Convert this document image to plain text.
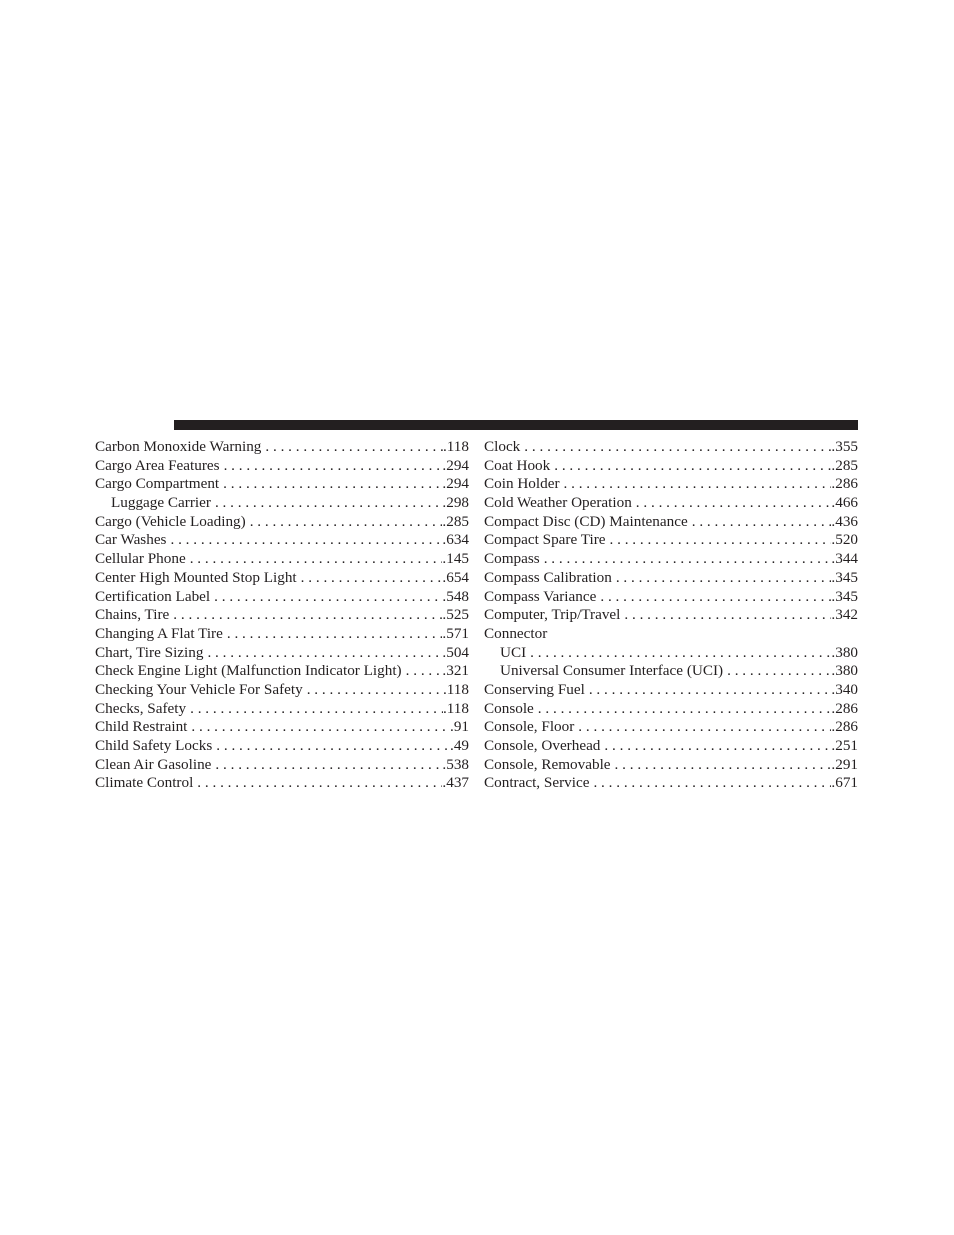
Carbon Monoxide Warning . . .	.118
Cargo Area Features . . .	.294
Cargo Compartment . . .	.294
Luggage Carrier . . .	.298
Cargo (Vehicle Loading) . . .	.285
Car Washes . . .	.634
Cellular Phone . . .	.145
Center High Mounted Stop Light . . .	.654
Certification Label . . .	.548
Chains, Tire . . .	.525
Changing A Flat Tire . . .	.571
Chart, Tire Sizing . . .	.504
Check Engine Light (Malfunction Indicator Light) . . .	.321
Checking Your Vehicle For Safety . . .	.118
Checks, Safety . . .	.118
Child Restraint . . .	.91
Child Safety Locks . . .	.49
Clean Air Gasoline . . .	.538
Climate Control . . .	.437
Clock . . .	.355
Coat Hook . . .	.285
Coin Holder . . .	.286
Cold Weather Operation . . .	.466
Compact Disc (CD) Maintenance . . .	.436
Compact Spare Tire . . .	.520
Compass . . .	.344
Compass Calibration . . .	.345
Compass Variance . . .	.345
Computer, Trip/Travel . . .	.342
Connector
UCI . . .	.380
Universal Consumer Interface (UCI) . . .	.380
Conserving Fuel . . .	.340
Console . . .	.286
Console, Floor . . .	.286
Console, Overhead . . .	.251
Console, Removable . . .	.291
Contract, Service . . .	.671
